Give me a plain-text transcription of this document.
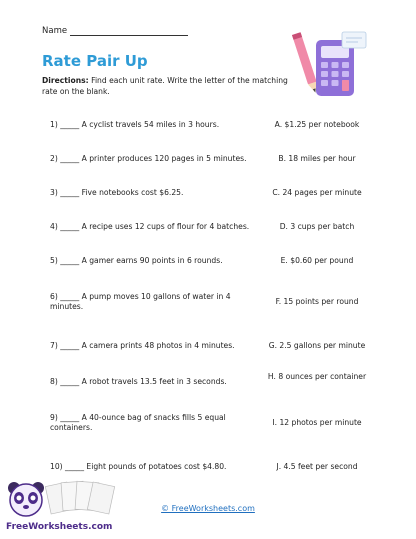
Name
Rate Pair Up
Directions: Find each unit rate. Write the letter of the matching rate on the blank.
1) _____ A cyclist travels 54 miles in 3 hours.
2) _____ A printer produces 120 pages in 5 minutes.
3) _____ Five notebooks cost $6.25.
4) _____ A recipe uses 12 cups of flour for 4 batches.
5) _____ A gamer earns 90 points in 6 rounds.
6) _____ A pump moves 10 gallons of water in 4 minutes.
7) _____ A camera prints 48 photos in 4 minutes.
8) _____ A robot travels 13.5 feet in 3 seconds.
9) _____ A 40-ounce bag of snacks fills 5 equal containers.
10) _____ Eight pounds of potatoes cost $4.80.
A. $1.25 per notebook
B. 18 miles per hour
C. 24 pages per minute
D. 3 cups per batch
E. $0.60 per pound
F. 15 points per round
G. 2.5 gallons per minute
H. 8 ounces per container
I. 12 photos per minute
J. 4.5 feet per second
© FreeWorksheets.com
FreeWorksheets.com
